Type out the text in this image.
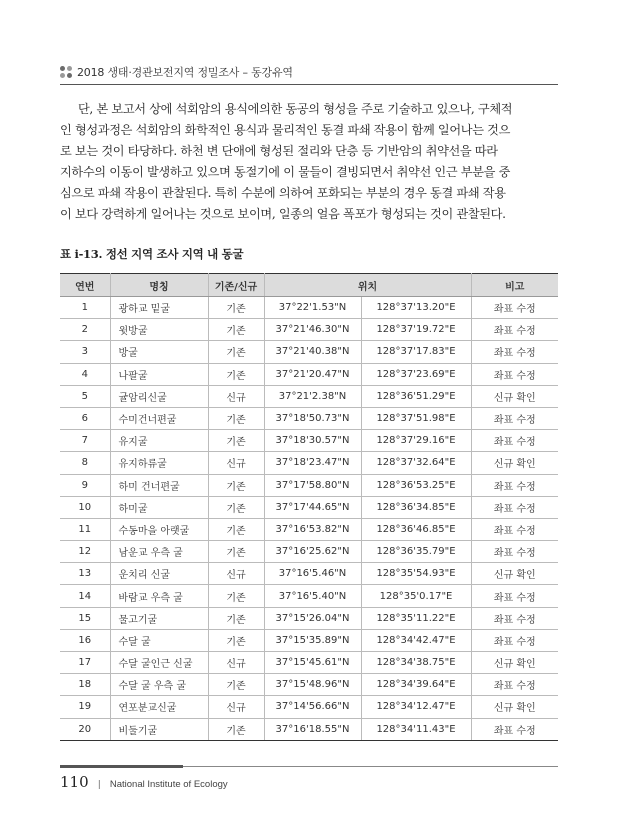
2018 생태·경관보전지역 정밀조사 – 동강유역

단, 본 보고서 상에 석회암의 용식에의한 동공의 형성을 주로 기술하고 있으나, 구체적
인 형성과정은 석회암의 화학적인 용식과 물리적인 동결 파쇄 작용이 함께 일어나는 것으
로 보는 것이 타당하다. 하천 변 단애에 형성된 절리와 단층 등 기반암의 취약선을 따라
지하수의 이동이 발생하고 있으며 동절기에 이 물들이 결빙되면서 취약선 인근 부분을 중
심으로 파쇄 작용이 관찰된다. 특히 수분에 의하여 포화되는 부분의 경우 동결 파쇄 작용
이 보다 강력하게 일어나는 것으로 보이며, 일종의 얼음 폭포가 형성되는 것이 관찰된다.

표 i-13. 정선 지역 조사 지역 내 동굴
연번	명칭	기존/신규	위치		비고
1	광하교 밑굴	기존	37°22'1.53"N	128°37'13.20"E	좌표 수정
2	윗방굴	기존	37°21'46.30"N	128°37'19.72"E	좌표 수정
3	방굴	기존	37°21'40.38"N	128°37'17.83"E	좌표 수정
4	나팔굴	기존	37°21'20.47"N	128°37'23.69"E	좌표 수정
5	귤암리신굴	신규	37°21'2.38"N	128°36'51.29"E	신규 확인
6	수미건너편굴	기존	37°18'50.73"N	128°37'51.98"E	좌표 수정
7	유지굴	기존	37°18'30.57"N	128°37'29.16"E	좌표 수정
8	유지하류굴	신규	37°18'23.47"N	128°37'32.64"E	신규 확인
9	하미 건너편굴	기존	37°17'58.80"N	128°36'53.25"E	좌표 수정
10	하미굴	기존	37°17'44.65"N	128°36'34.85"E	좌표 수정
11	수동마을 아랫굴	기존	37°16'53.82"N	128°36'46.85"E	좌표 수정
12	남운교 우측 굴	기존	37°16'25.62"N	128°36'35.79"E	좌표 수정
13	운치리 신굴	신규	37°16'5.46"N	128°35'54.93"E	신규 확인
14	바람교 우측 굴	기존	37°16'5.40"N	128°35'0.17"E	좌표 수정
15	물고기굴	기존	37°15'26.04"N	128°35'11.22"E	좌표 수정
16	수달 굴	기존	37°15'35.89"N	128°34'42.47"E	좌표 수정
17	수달 굴인근 신굴	신규	37°15'45.61"N	128°34'38.75"E	신규 확인
18	수달 굴 우측 굴	기존	37°15'48.96"N	128°34'39.64"E	좌표 수정
19	연포분교신굴	신규	37°14'56.66"N	128°34'12.47"E	신규 확인
20	비둘기굴	기존	37°16'18.55"N	128°34'11.43"E	좌표 수정
110 | National Institute of Ecology
